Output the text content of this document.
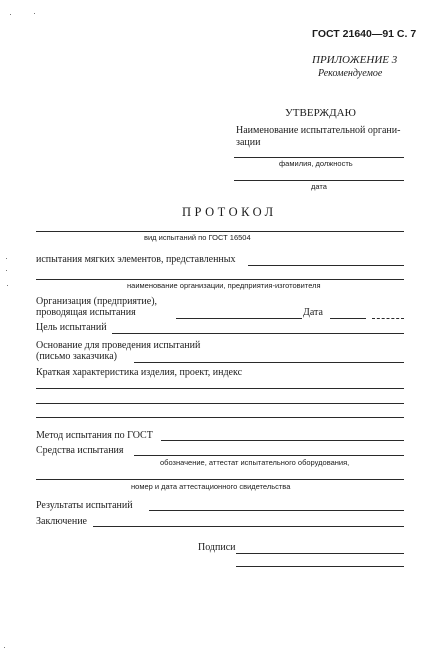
ГОСТ 21640—91 С. 7
ПРИЛОЖЕНИЕ 3
Рекомендуемое
УТВЕРЖДАЮ
Наименование испытательной органи-
зации
фамилия, должность
дата
ПРОТОКОЛ
вид испытаний по ГОСТ 16504
испытания мягких элементов, представленных
наименование организации, предприятия-изготовителя
Организация (предприятие),
проводящая испытания	Дата
Цель испытаний
Основание для проведения испытаний
(письмо заказчика)
Краткая характеристика изделия, проект, индекс
Метод испытания по ГОСТ
Средства испытания
обозначение, аттестат испытательного оборудования,
номер и дата аттестационного свидетельства
Результаты испытаний
Заключение
Подписи
